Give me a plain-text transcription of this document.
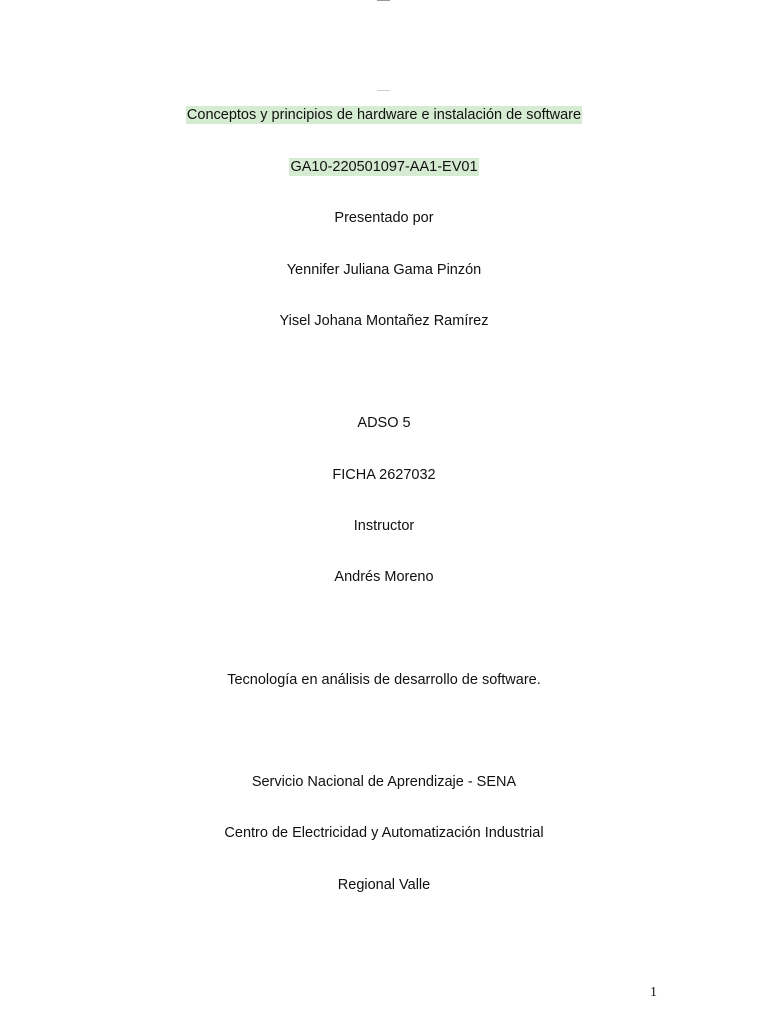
Conceptos y principios de hardware e instalación de software
GA10-220501097-AA1-EV01
Presentado por
Yennifer Juliana Gama Pinzón
Yisel Johana Montañez Ramírez
ADSO 5
FICHA 2627032
Instructor
Andrés Moreno
Tecnología en análisis de desarrollo de software.
Servicio Nacional de Aprendizaje - SENA
Centro de Electricidad y Automatización Industrial
Regional Valle
1
